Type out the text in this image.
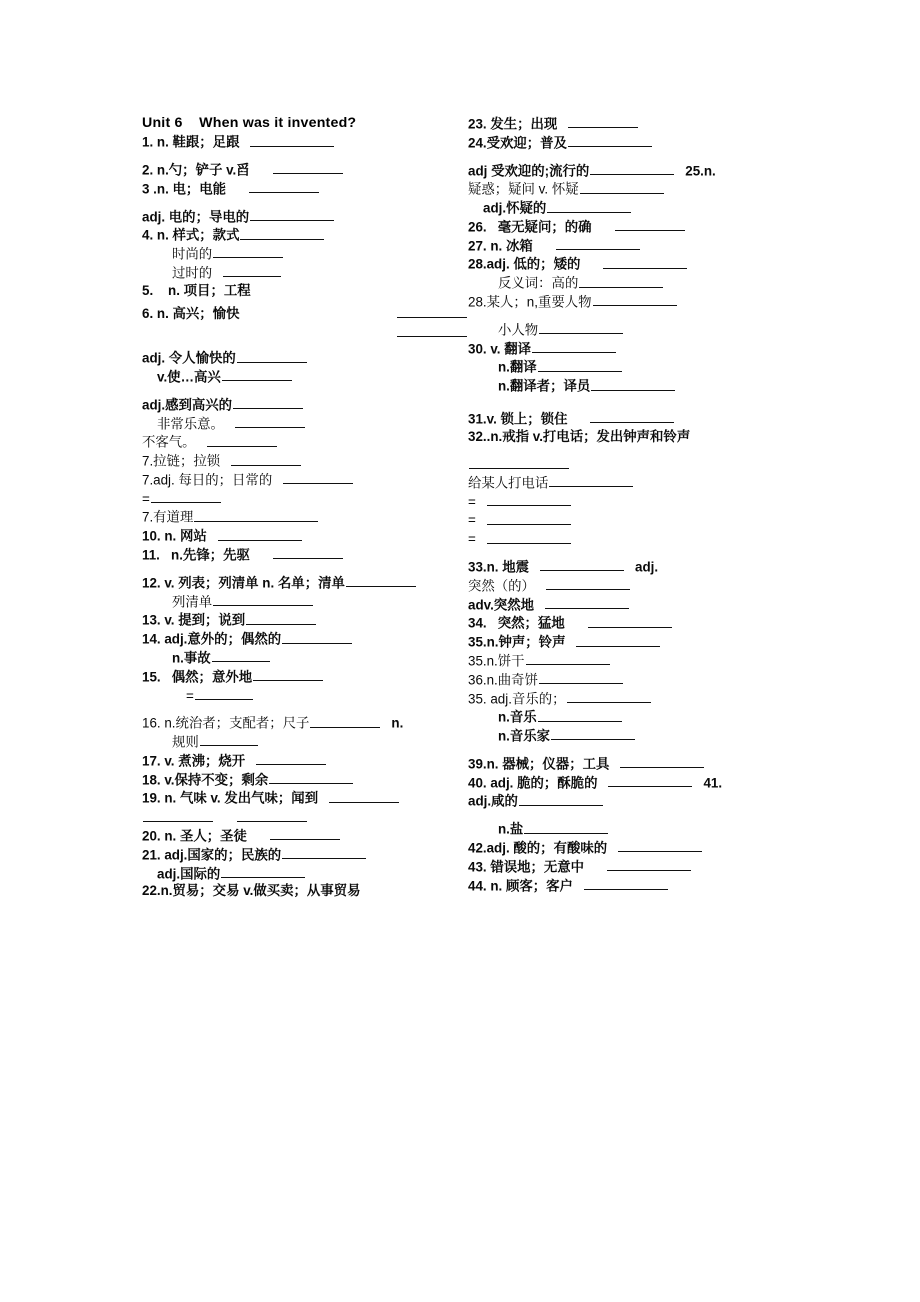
Unit 6    When was it invented?
1. n. 鞋跟；足跟
2. n.勺；铲子 v.舀
3 .n. 电；电能
adj. 电的；导电的
4. n. 样式；款式
时尚的
过时的
5.    n. 项目；工程
6. n. 高兴；愉快
adj. 令人愉快的
v.使…高兴
adj.感到高兴的
非常乐意。
不客气。
7.拉链；拉锁
7.adj. 每日的；日常的
=
7.有道理
10. n. 网站
11.   n.先锋；先驱
12. v. 列表；列清单 n. 名单；清单
列清单
13. v. 提到；说到
14. adj.意外的；偶然的
n.事故
15.   偶然；意外地
=
16. n.统治者；支配者；尺子	n.
规则
17. v. 煮沸；烧开
18. v.保持不变；剩余
19. n. 气味 v. 发出气味；闻到
20. n. 圣人；圣徒
21. adj.国家的；民族的
adj.国际的
22.n.贸易；交易 v.做买卖；从事贸易
23. 发生；出现
24.受欢迎；普及
adj 受欢迎的;流行的	25.n.
疑惑；疑问 v. 怀疑
adj.怀疑的
26.   毫无疑问；的确
27. n. 冰箱
28.adj. 低的；矮的
反义词：高的
28.某人；n,重要人物
小人物
30. v. 翻译
n.翻译
n.翻译者；译员
31.v. 锁上；锁住
32..n.戒指 v.打电话；发出钟声和铃声
给某人打电话
=
=
=
33.n. 地震	adj.
突然（的）
adv.突然地
34.   突然；猛地
35.n.钟声；铃声
35.n.饼干
36.n.曲奇饼
35. adj.音乐的；
n.音乐
n.音乐家
39.n. 器械；仪器；工具
40. adj. 脆的；酥脆的	41.
adj.咸的
n.盐
42.adj. 酸的；有酸味的
43. 错误地；无意中
44. n. 顾客；客户
